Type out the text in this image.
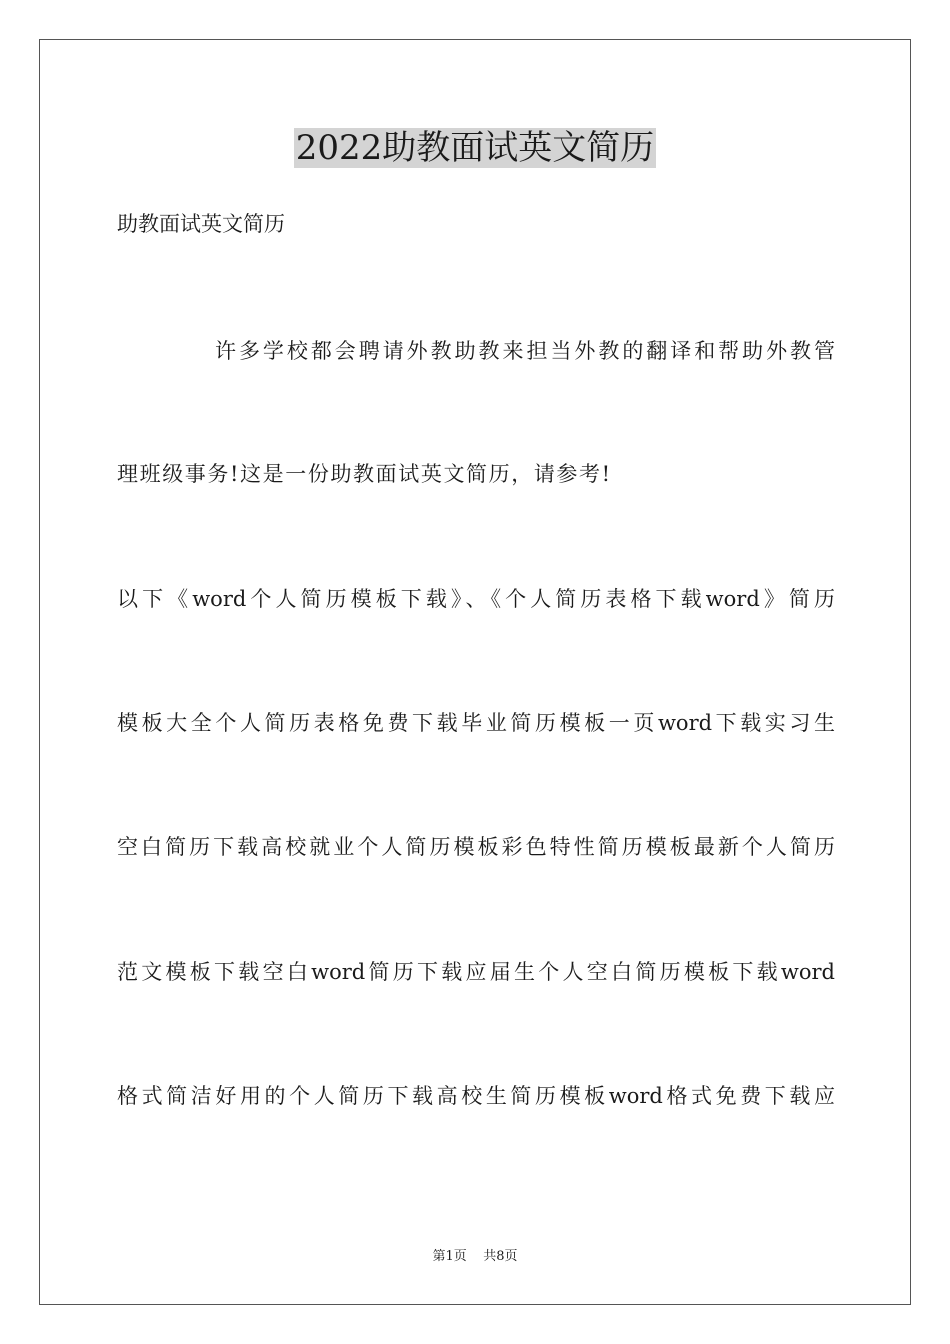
2022助教面试英文简历

助教面试英文简历

许多学校都会聘请外教助教来担当外教的翻译和帮助外教管

理班级事务!这是一份助教面试英文简历，请参考!

以下《word个人简历模板下载》、《个人简历表格下载word》简历

模板大全个人简历表格免费下载毕业简历模板一页word下载实习生

空白简历下载高校就业个人简历模板彩色特性简历模板最新个人简历

范文模板下载空白word简历下载应届生个人空白简历模板下载word

格式简洁好用的个人简历下载高校生简历模板word格式免费下载应

第1页 共8页
